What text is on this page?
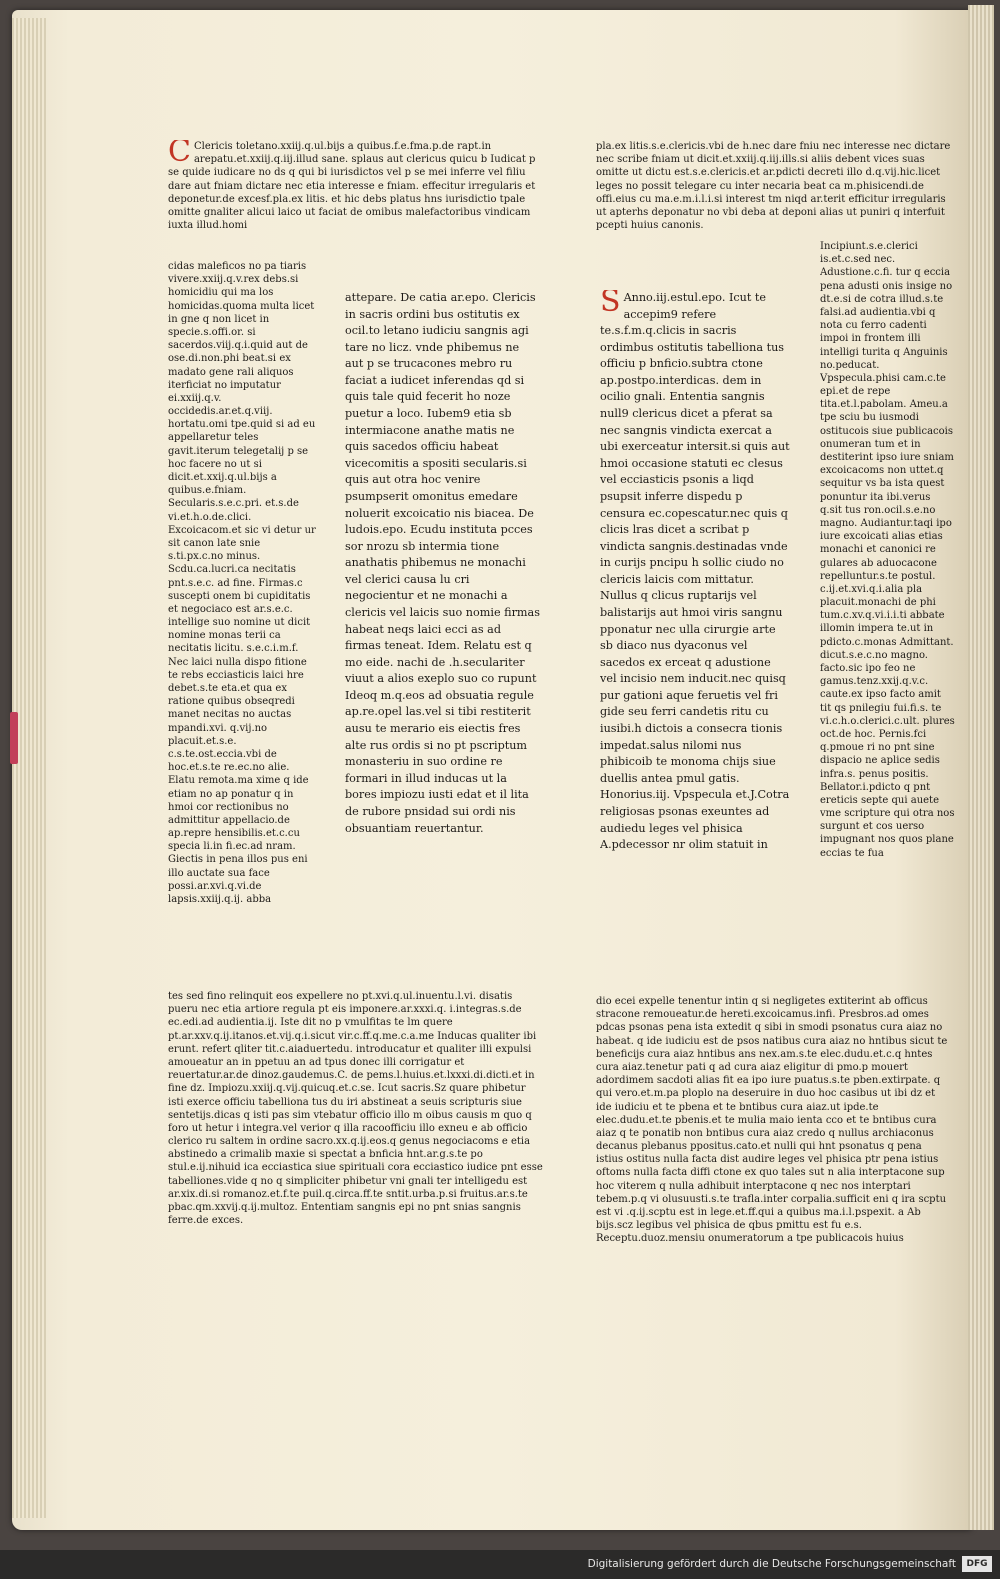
C Clericis toletano.xxiij.q.ul.bijs a quibus.f.e.fma.p.de rapt.in arepatu.et.xxiij.q.iij.illud sane. splaus aut clericus quicu b Iudicat p se quide iudicare no ds q qui bi iurisdictos vel p se mei inferre vel filiu dare aut fniam dictare nec etia interesse e fniam. effecitur irregularis et deponetur.de excesf.pla.ex litis. et hic debs platus hns iurisdictio tpale omitte gnaliter alicui laico ut faciat de omibus malefactoribus vindicam iuxta illud.homi

cidas maleficos no pa tiaris vivere.xxiij.q.v.rex debs.si homicidiu qui ma los homicidas.quoma multa licet in gne q non licet in specie.s.offi.or. si sacerdos.viij.q.i.quid aut de ose.di.non.phi beat.si ex madato gene rali aliquos iterficiat no imputatur ei.xxiij.q.v. occidedis.ar.et.q.viij. hortatu.omi tpe.quid si ad eu appellaretur teles gavit.iterum telegetalij p se hoc facere no ut si dicit.et.xxij.q.ul.bijs a quibus.e.fniam. Secularis.s.e.c.pri. et.s.de vi.et.h.o.de.clici. Excoicacom.et sic vi detur ur sit canon late snie s.ti.px.c.no minus. Scdu.ca.lucri.ca necitatis pnt.s.e.c. ad fine. Firmas.c suscepti onem bi cupiditatis et negociaco est ar.s.e.c. intellige suo nomine ut dicit nomine monas terii ca necitatis licitu. s.e.c.i.m.f. Nec laici nulla dispo fitione te rebs ecciasticis laici hre debet.s.te eta.et qua ex ratione quibus obseqredi manet necitas no auctas mpandi.xvi. q.vij.no placuit.et.s.e. c.s.te.ost.eccia.vbi de hoc.et.s.te re.ec.no alie. Elatu remota.ma xime q ide etiam no ap ponatur q in hmoi cor rectionibus no admittitur appellacio.de ap.repre hensibilis.et.c.cu specia li.in fi.ec.ad nram. Giectis in pena illos pus eni illo auctate sua face possi.ar.xvi.q.vi.de lapsis.xxiij.q.ij. abba

attepare. De catia ar.epo. Clericis in sacris ordini bus ostitutis ex ocil.to letano iudiciu sangnis agi tare no licz. vnde phibemus ne aut p se trucacones mebro ru faciat a iudicet inferendas qd si quis tale quid fecerit ho noze puetur a loco. Iubem9 etia sb intermiacone anathe matis ne quis sacedos officiu habeat vicecomitis a spositi secularis.si quis aut otra hoc venire psumpserit omonitus emedare noluerit excoicatio nis biacea. De ludois.epo. Ecudu instituta pcces sor nrozu sb intermia tione anathatis phibemus ne monachi vel clerici causa lu cri negocientur et ne monachi a clericis vel laicis suo nomie firmas habeat neqs laici ecci as ad firmas teneat. Idem. Relatu est q mo eide. nachi de .h.seculariter viuut a alios exeplo suo co rupunt Ideoq m.q.eos ad obsuatia regule ap.re.opel las.vel si tibi restiterit ausu te merario eis eiectis fres alte rus ordis si no pt pscriptum monasteriu in suo ordine re formari in illud inducas ut la bores impiozu iusti edat et il lita de rubore pnsidad sui ordi nis obsuantiam reuertantur.

tes sed fino relinquit eos expellere no pt.xvi.q.ul.inuentu.l.vi. disatis pueru nec etia artiore regula pt eis imponere.ar.xxxi.q. i.integras.s.de ec.edi.ad audientia.ij. Iste dit no p vmulfitas te lm quere pt.ar.xxv.q.ij.itanos.et.vij.q.i.sicut vir.c.ff.q.me.c.a.me Inducas qualiter ibi erunt. refert qliter tit.c.aiaduertedu. introducatur et qualiter illi expulsi amoueatur an in ppetuu an ad tpus donec illi corrigatur et reuertatur.ar.de dinoz.gaudemus.C. de pems.l.huius.et.lxxxi.di.dicti.et in fine dz. Impiozu.xxiij.q.vij.quicuq.et.c.se. Icut sacris.Sz quare phibetur isti exerce officiu tabelliona tus du iri abstineat a seuis scripturis siue sentetijs.dicas q isti pas sim vtebatur officio illo m oibus causis m quo q foro ut hetur i integra.vel verior q illa racoofficiu illo exneu e ab officio clerico ru saltem in ordine sacro.xx.q.ij.eos.q genus negociacoms e etia abstinedo a crimalib maxie si spectat a bnficia hnt.ar.g.s.te po stul.e.ij.nihuid ica ecciastica siue spirituali cora ecciastico iudice pnt esse tabelliones.vide q no q simpliciter phibetur vni gnali ter intelligedu est ar.xix.di.si romanoz.et.f.te puil.q.circa.ff.te sntit.urba.p.si fruitus.ar.s.te pbac.qm.xxvij.q.ij.multoz. Ententiam sangnis epi no pnt snias sangnis ferre.de exces.

pla.ex litis.s.e.clericis.vbi de h.nec dare fniu nec interesse nec dictare nec scribe fniam ut dicit.et.xxiij.q.iij.ills.si aliis debent vices suas omitte ut dictu est.s.e.clericis.et ar.pdicti decreti illo d.q.vij.hic.licet leges no possit telegare cu inter necaria beat ca m.phisicendi.de offi.eius cu ma.e.m.i.l.i.si interest tm niqd ar.terit efficitur irregularis ut apterhs deponatur no vbi deba at deponi alias ut puniri q interfuit pcepti huius canonis.

S Anno.iij.estul.epo. Icut te accepim9 refere te.s.f.m.q.clicis in sacris ordimbus ostitutis tabelliona tus officiu p bnficio.subtra ctone ap.postpo.interdicas. dem in ocilio gnali. Ententia sangnis null9 clericus dicet a pferat sa nec sangnis vindicta exercat a ubi exerceatur intersit.si quis aut hmoi occasione statuti ec clesus vel ecciasticis psonis a liqd psupsit inferre dispedu p censura ec.copescatur.nec quis q clicis lras dicet a scribat p vindicta sangnis.destinadas vnde in curijs pncipu h sollic ciudo no clericis laicis com mittatur. Nullus q clicus ruptarijs vel balistarijs aut hmoi viris sangnu pponatur nec ulla cirurgie arte sb diaco nus dyaconus vel sacedos ex erceat q adustione vel incisio nem inducit.nec quisq pur gationi aque feruetis vel fri gide seu ferri candetis ritu cu iusibi.h dictois a consecra tionis impedat.salus nilomi nus phibicoib te monoma chijs siue duellis antea pmul gatis. Honorius.iij. Vpspecula et.J.Cotra religiosas psonas exeuntes ad audiedu leges vel phisica A.pdecessor nr olim statuit in

Incipiunt.s.e.clerici is.et.c.sed nec. Adustione.c.fi. tur q eccia pena adusti onis insige no dt.e.si de cotra illud.s.te falsi.ad audientia.vbi q nota cu ferro cadenti impoi in frontem illi intelligi turita q Anguinis no.peducat. Vpspecula.phisi cam.c.te epi.et de repe tita.et.l.pabolam. Ameu.a tpe sciu bu iusmodi ostitucois siue publicacois onumeran tum et in destiterint ipso iure sniam excoicacoms non uttet.q sequitur vs ba ista quest ponuntur ita ibi.verus q.sit tus ron.ocil.s.e.no magno. Audiantur.taqi ipo iure excoicati alias etias monachi et canonici re gulares ab aduocacone repelluntur.s.te postul. c.ij.et.xvi.q.i.alia pla placuit.monachi de phi tum.c.xv.q.vi.i.i.ti abbate illomin impera te.ut in pdicto.c.monas Admittant. dicut.s.e.c.no magno. facto.sic ipo feo ne gamus.tenz.xxij.q.v.c. caute.ex ipso facto amit tit qs pnilegiu fui.fi.s. te vi.c.h.o.clerici.c.ult. plures oct.de hoc. Pernis.fci q.pmoue ri no pnt sine dispacio ne aplice sedis infra.s. penus positis. Bellator.i.pdicto q pnt ereticis septe qui auete vme scripture qui otra nos surgunt et cos uerso impugnant nos quos plane eccias te fua

dio ecei expelle tenentur intin q si negligetes extiterint ab officus stracone remoueatur.de hereti.excoicamus.infi. Presbros.ad omes pdcas psonas pena ista extedit q sibi in smodi psonatus cura aiaz no habeat. q ide iudiciu est de psos natibus cura aiaz no hntibus sicut te beneficijs cura aiaz hntibus ans nex.am.s.te elec.dudu.et.c.q hntes cura aiaz.tenetur pati q ad cura aiaz eligitur di pmo.p mouert adordimem sacdoti alias fit ea ipo iure puatus.s.te pben.extirpate. q qui vero.et.m.pa ploplo na deseruire in duo hoc casibus ut ibi dz et ide iudiciu et te pbena et te bntibus cura aiaz.ut ipde.te elec.dudu.et.te pbenis.et te mulia maio ienta cco et te bntibus cura aiaz q te ponatib non bntibus cura aiaz credo q nullus archiaconus decanus plebanus ppositus.cato.et nulli qui hnt psonatus q pena istius ostitus nulla facta dist audire leges vel phisica ptr pena istius oftoms nulla facta diffi ctone ex quo tales sut n alia interptacone sup hoc viterem q nulla adhibuit interptacone q nec nos interptari tebem.p.q vi olusuusti.s.te trafla.inter corpalia.sufficit eni q ira scptu est vi .q.ij.scptu est in lege.et.ff.qui a quibus ma.i.l.pspexit. a Ab bijs.scz legibus vel phisica de qbus pmittu est fu e.s. Receptu.duoz.mensiu onumeratorum a tpe publicacois huius

Digitalisierung gefördert durch die Deutsche Forschungsgemeinschaft	DFG
